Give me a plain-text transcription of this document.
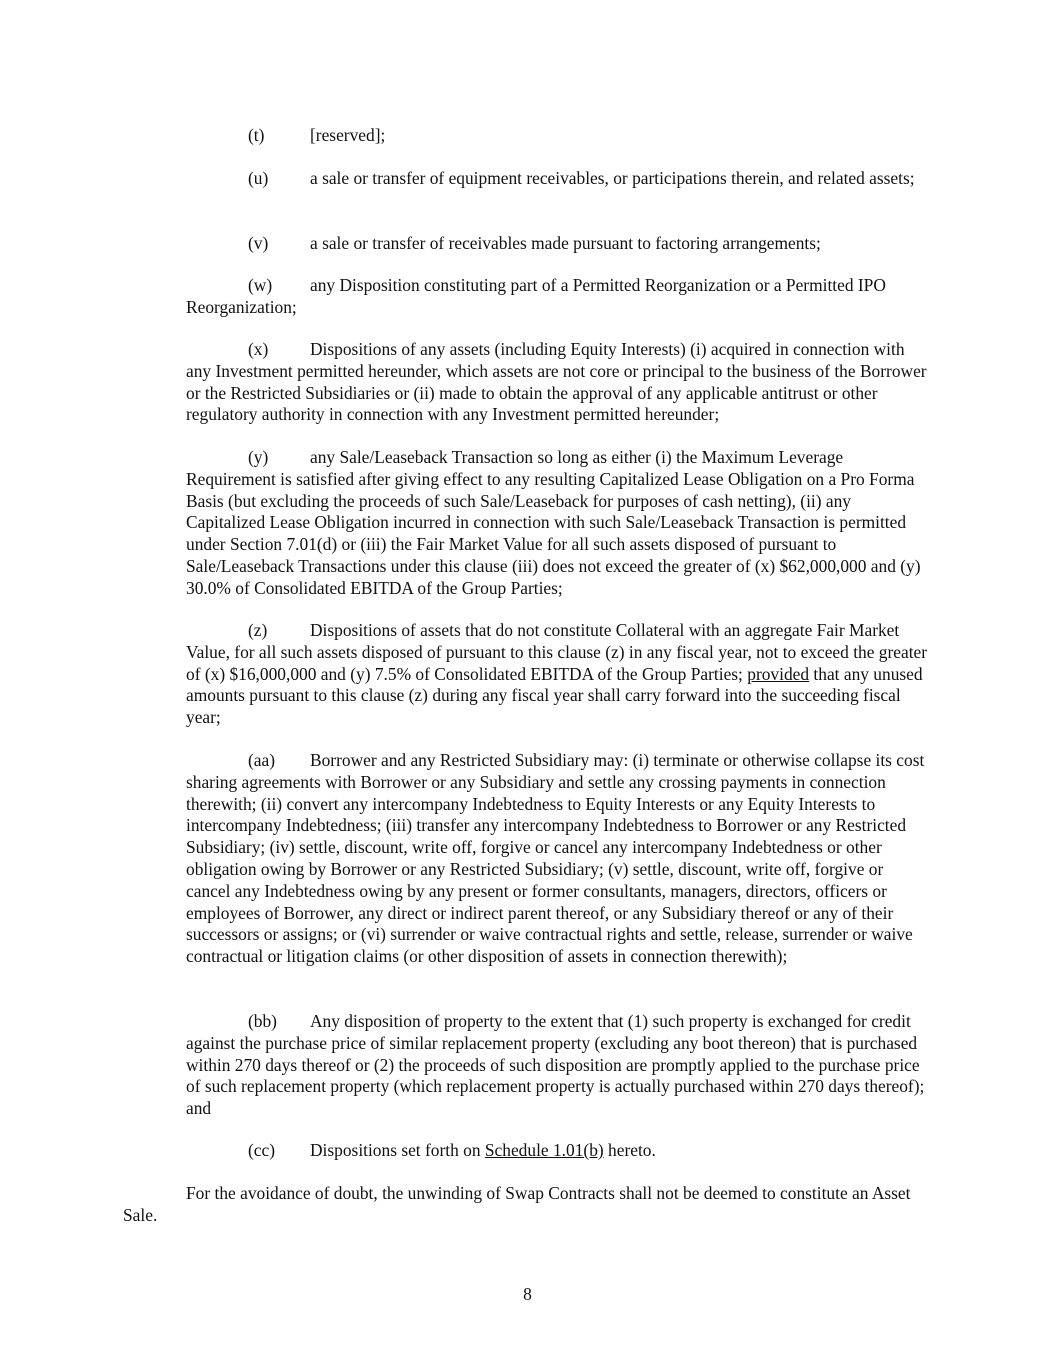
(t)	[reserved];

(u) a sale or transfer of equipment receivables, or participations therein, and related assets;

(v) a sale or transfer of receivables made pursuant to factoring arrangements;

(w) any Disposition constituting part of a Permitted Reorganization or a Permitted IPO Reorganization;

(x) Dispositions of any assets (including Equity Interests) (i) acquired in connection with any Investment permitted hereunder, which assets are not core or principal to the business of the Borrower or the Restricted Subsidiaries or (ii) made to obtain the approval of any applicable antitrust or other regulatory authority in connection with any Investment permitted hereunder;

(y) any Sale/Leaseback Transaction so long as either (i) the Maximum Leverage Requirement is satisfied after giving effect to any resulting Capitalized Lease Obligation on a Pro Forma Basis (but excluding the proceeds of such Sale/Leaseback for purposes of cash netting), (ii) any Capitalized Lease Obligation incurred in connection with such Sale/Leaseback Transaction is permitted under Section 7.01(d) or (iii) the Fair Market Value for all such assets disposed of pursuant to Sale/Leaseback Transactions under this clause (iii) does not exceed the greater of (x) $62,000,000 and (y) 30.0% of Consolidated EBITDA of the Group Parties;

(z) Dispositions of assets that do not constitute Collateral with an aggregate Fair Market Value, for all such assets disposed of pursuant to this clause (z) in any fiscal year, not to exceed the greater of (x) $16,000,000 and (y) 7.5% of Consolidated EBITDA of the Group Parties; provided that any unused amounts pursuant to this clause (z) during any fiscal year shall carry forward into the succeeding fiscal year;

(aa) Borrower and any Restricted Subsidiary may: (i) terminate or otherwise collapse its cost sharing agreements with Borrower or any Subsidiary and settle any crossing payments in connection therewith; (ii) convert any intercompany Indebtedness to Equity Interests or any Equity Interests to intercompany Indebtedness; (iii) transfer any intercompany Indebtedness to Borrower or any Restricted Subsidiary; (iv) settle, discount, write off, forgive or cancel any intercompany Indebtedness or other obligation owing by Borrower or any Restricted Subsidiary; (v) settle, discount, write off, forgive or cancel any Indebtedness owing by any present or former consultants, managers, directors, officers or employees of Borrower, any direct or indirect parent thereof, or any Subsidiary thereof or any of their successors or assigns; or (vi) surrender or waive contractual rights and settle, release, surrender or waive contractual or litigation claims (or other disposition of assets in connection therewith);

(bb) Any disposition of property to the extent that (1) such property is exchanged for credit against the purchase price of similar replacement property (excluding any boot thereon) that is purchased within 270 days thereof or (2) the proceeds of such disposition are promptly applied to the purchase price of such replacement property (which replacement property is actually purchased within 270 days thereof); and

(cc) Dispositions set forth on Schedule 1.01(b) hereto.

For the avoidance of doubt, the unwinding of Swap Contracts shall not be deemed to constitute an Asset Sale.

8
